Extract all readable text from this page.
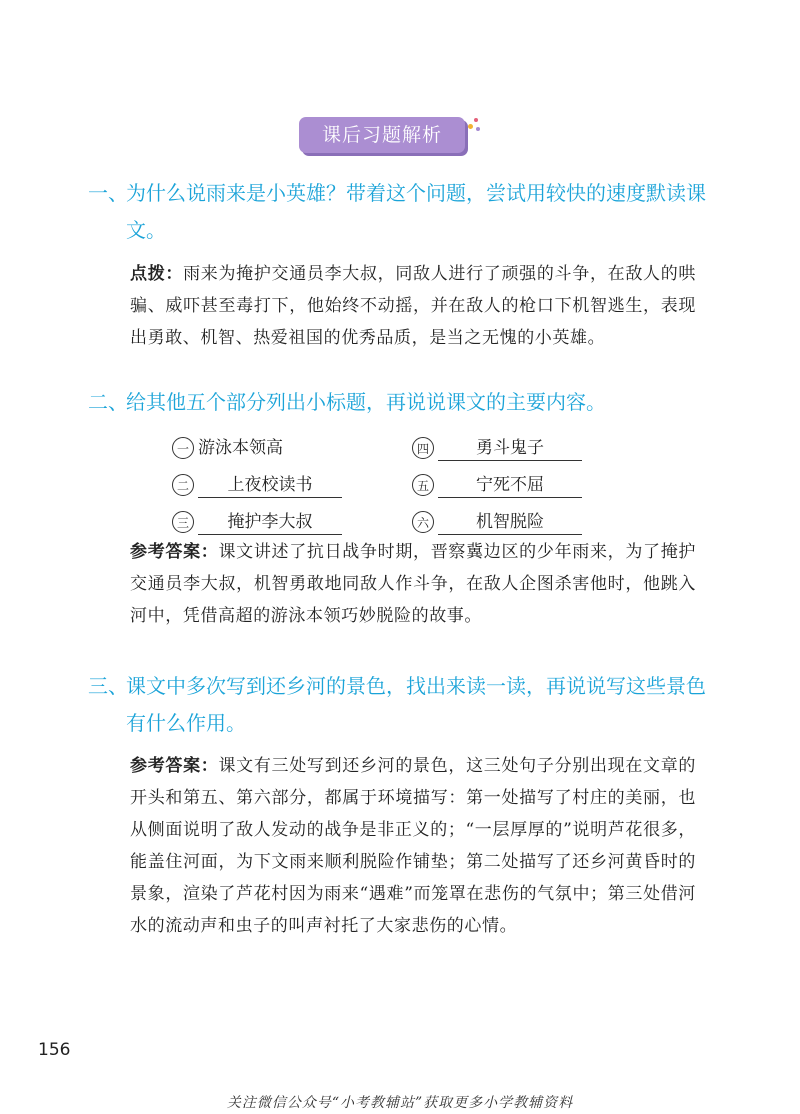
课后习题解析
一、
为什么说雨来是小英雄？带着这个问题，尝试用较快的速度默读课文。
点拨：雨来为掩护交通员李大叔，同敌人进行了顽强的斗争，在敌人的哄骗、威吓甚至毒打下，他始终不动摇，并在敌人的枪口下机智逃生，表现出勇敢、机智、热爱祖国的优秀品质，是当之无愧的小英雄。
二、
给其他五个部分列出小标题，再说说课文的主要内容。
一 游泳本领高	四	勇斗鬼子
二	上夜校读书	五	宁死不屈
三	掩护李大叔	六	机智脱险
参考答案：课文讲述了抗日战争时期，晋察冀边区的少年雨来，为了掩护交通员李大叔，机智勇敢地同敌人作斗争，在敌人企图杀害他时，他跳入河中，凭借高超的游泳本领巧妙脱险的故事。
三、
课文中多次写到还乡河的景色，找出来读一读，再说说写这些景色有什么作用。
参考答案：课文有三处写到还乡河的景色，这三处句子分别出现在文章的开头和第五、第六部分，都属于环境描写：第一处描写了村庄的美丽，也从侧面说明了敌人发动的战争是非正义的；“一层厚厚的”说明芦花很多，能盖住河面，为下文雨来顺利脱险作铺垫；第二处描写了还乡河黄昏时的景象，渲染了芦花村因为雨来“遇难”而笼罩在悲伤的气氛中；第三处借河水的流动声和虫子的叫声衬托了大家悲伤的心情。
156
关注微信公众号“小考教辅站”获取更多小学教辅资料
